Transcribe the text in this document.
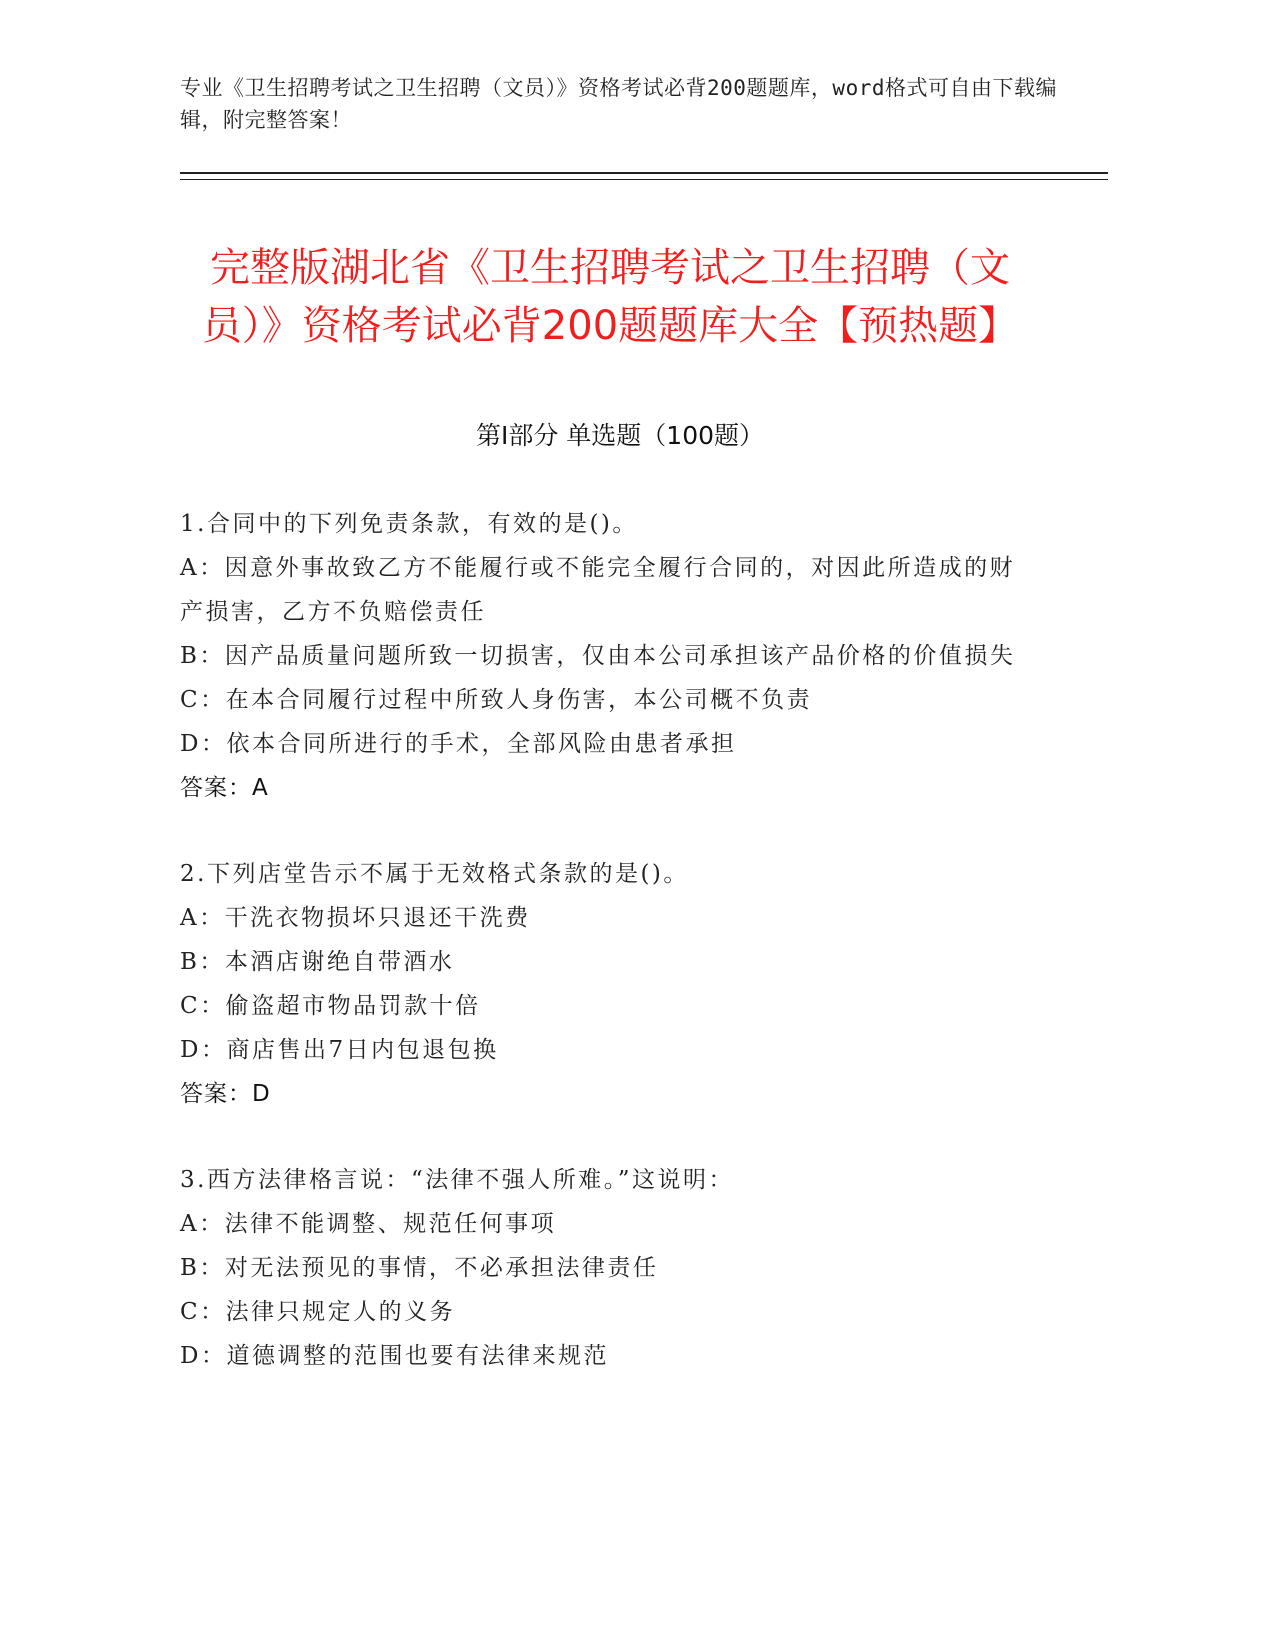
专业《卫生招聘考试之卫生招聘（文员）》资格考试必背200题题库，word格式可自由下载编辑，附完整答案！
完整版湖北省《卫生招聘考试之卫生招聘（文员）》资格考试必背200题题库大全【预热题】
第I部分 单选题（100题）

1.合同中的下列免责条款，有效的是()。

A：因意外事故致乙方不能履行或不能完全履行合同的，对因此所造成的财产损害，乙方不负赔偿责任

B：因产品质量问题所致一切损害，仅由本公司承担该产品价格的价值损失

C：在本合同履行过程中所致人身伤害，本公司概不负责

D：依本合同所进行的手术，全部风险由患者承担

答案：A

2.下列店堂告示不属于无效格式条款的是()。

A：干洗衣物损坏只退还干洗费

B：本酒店谢绝自带酒水

C：偷盗超市物品罚款十倍

D：商店售出7日内包退包换

答案：D

3.西方法律格言说：“法律不强人所难。”这说明：

A：法律不能调整、规范任何事项

B：对无法预见的事情，不必承担法律责任

C：法律只规定人的义务

D：道德调整的范围也要有法律来规范
